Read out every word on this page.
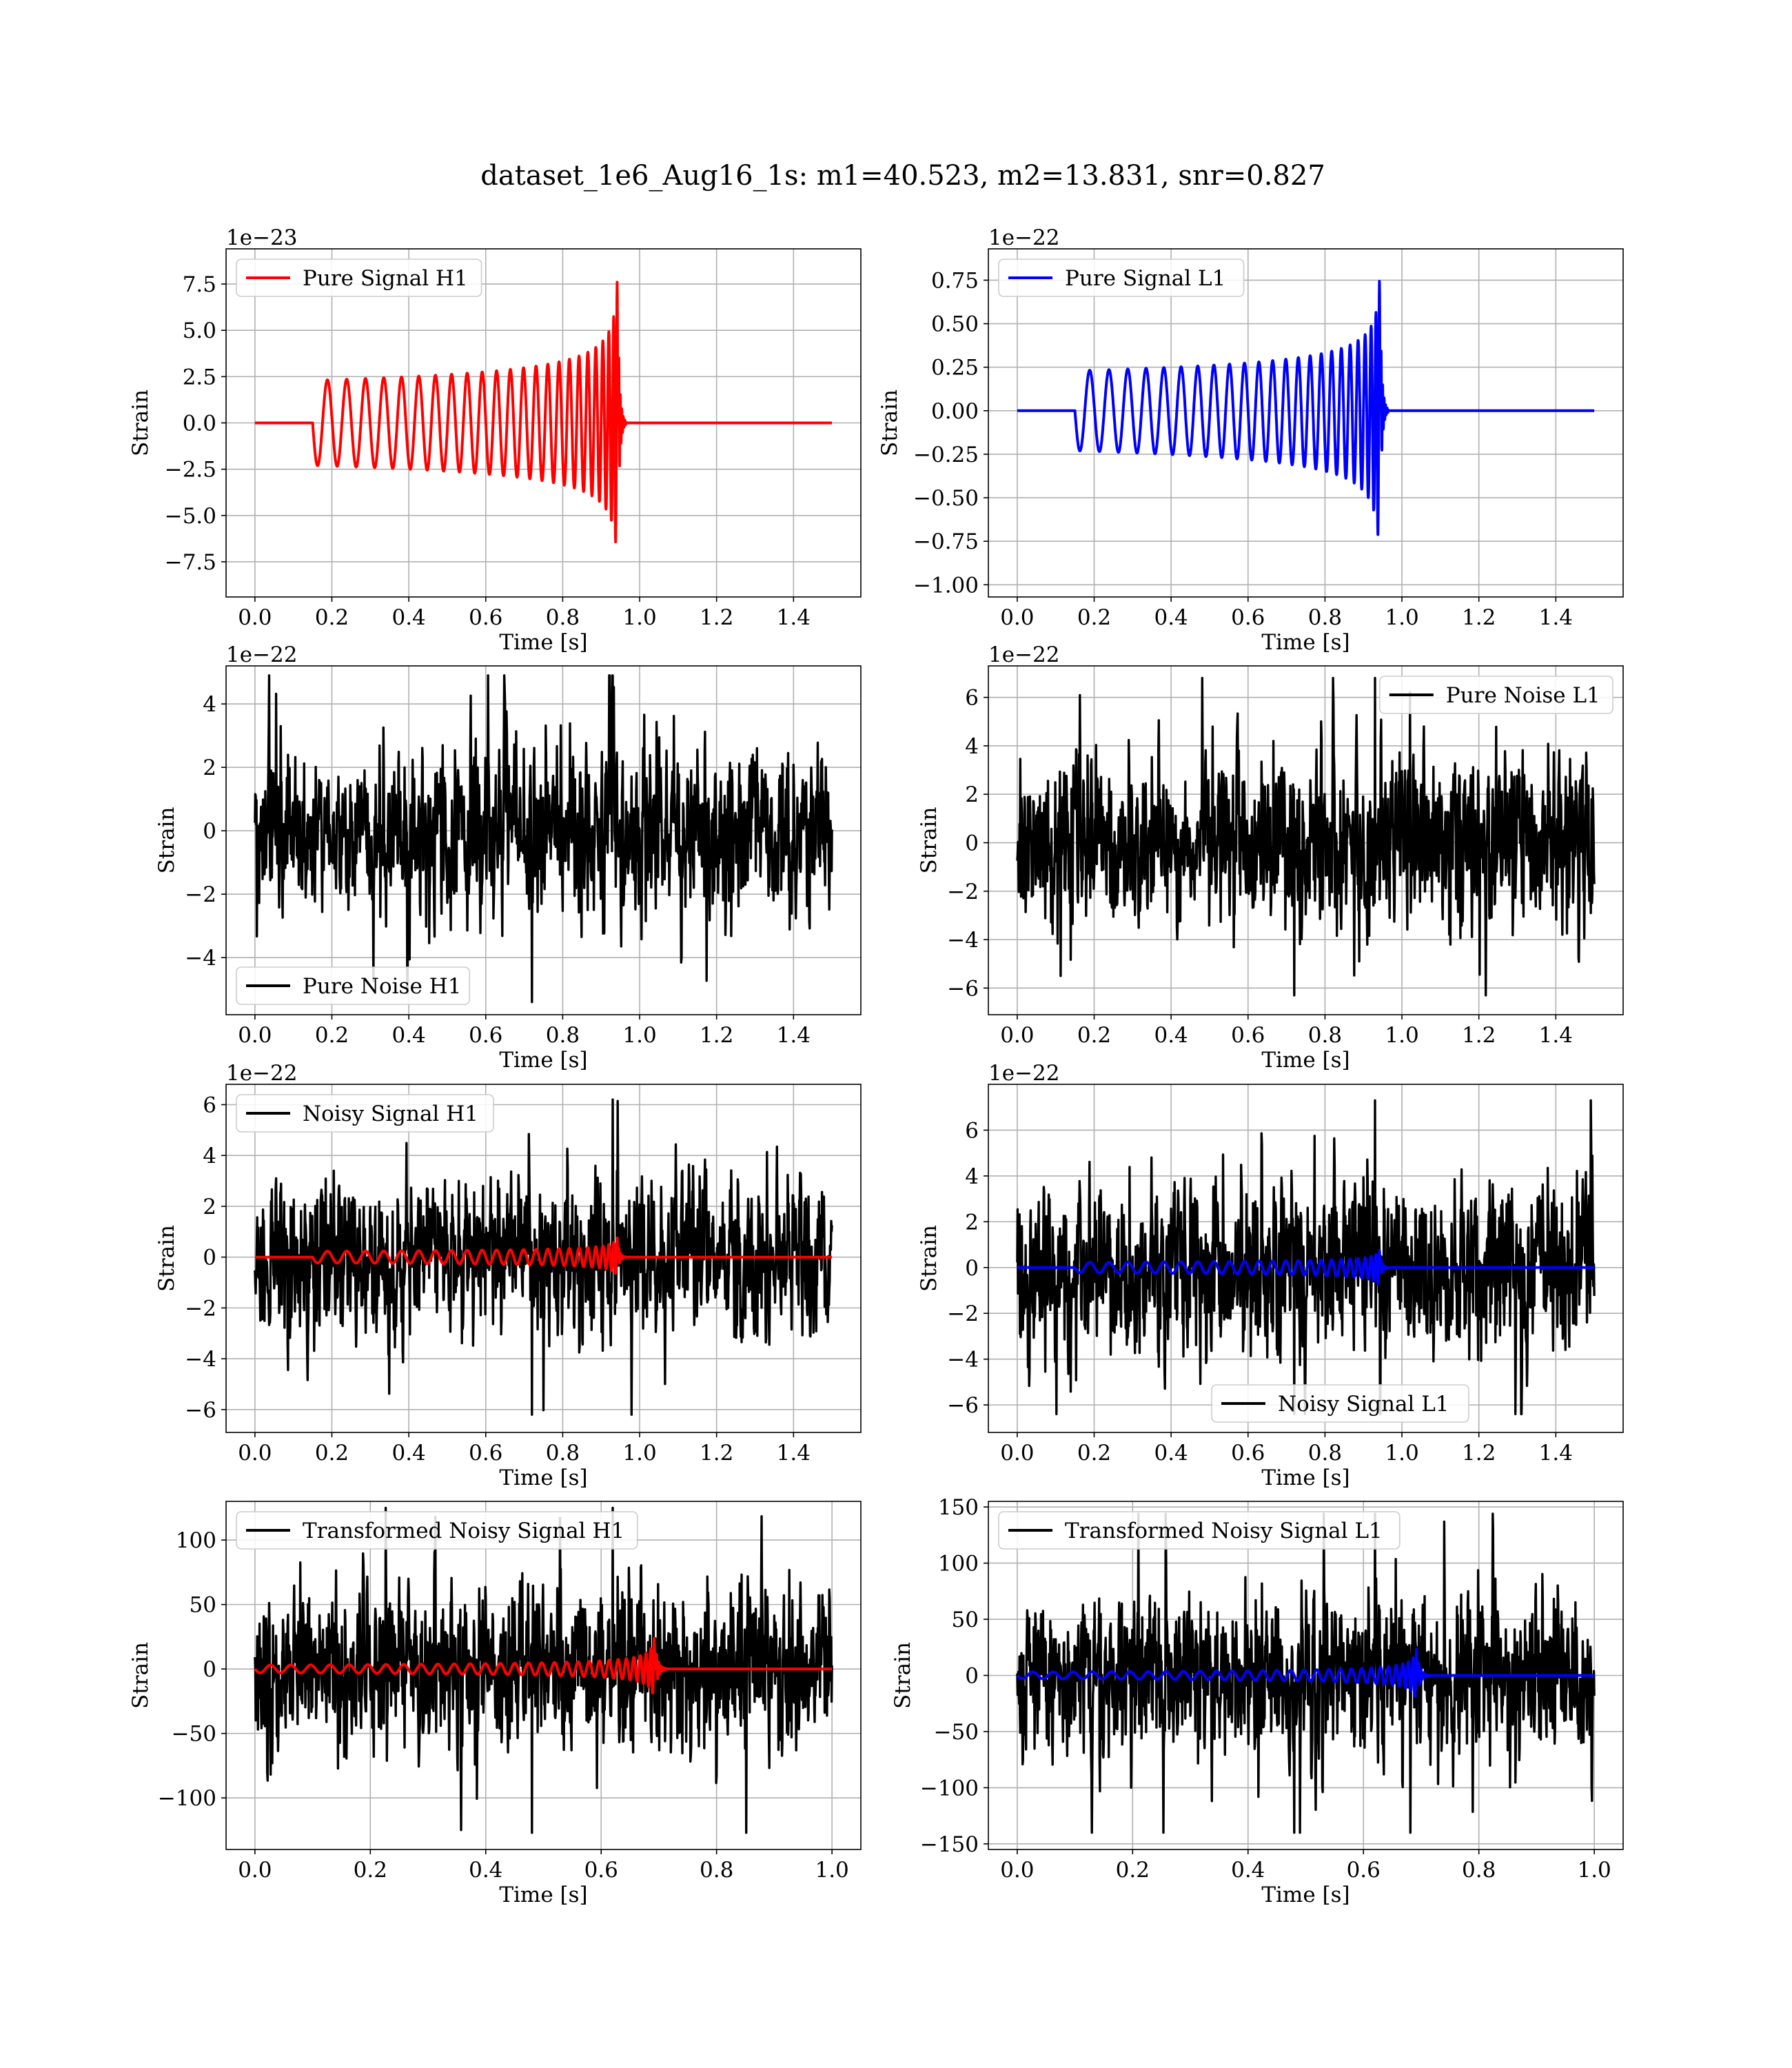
dataset_1e6_Aug16_1s: m1=40.523, m2=13.831, snr=0.827
0.0 0.2 0.4 0.6 0.8 1.0 1.2 1.4
−7.5
−5.0
−2.5
0.0
2.5
5.0
7.5
Time [s]
Strain
1e−23
Pure Signal H1
0.0 0.2 0.4 0.6 0.8 1.0 1.2 1.4
−1.00
−0.75
−0.50
−0.25
0.00
0.25
0.50
0.75
Time [s]
Strain
1e−22
Pure Signal L1
0.0 0.2 0.4 0.6 0.8 1.0 1.2 1.4
−4
−2
0
2
4
Time [s]
Strain
1e−22
Pure Noise H1
0.0 0.2 0.4 0.6 0.8 1.0 1.2 1.4
−6
−4
−2
0
2
4
6
Time [s]
Strain
1e−22
Pure Noise L1
0.0 0.2 0.4 0.6 0.8 1.0 1.2 1.4
−6
−4
−2
0
2
4
6
Time [s]
Strain
1e−22
Noisy Signal H1
0.0 0.2 0.4 0.6 0.8 1.0 1.2 1.4
−6
−4
−2
0
2
4
6
Time [s]
Strain
1e−22
Noisy Signal L1
0.0	0.2	0.4	0.6	0.8	1.0
−100
−50
0
50
100
Time [s]
Strain
Transformed Noisy Signal H1
0.0	0.2	0.4	0.6	0.8	1.0
−150
−100
−50
0
50
100
150
Time [s]
Strain
Transformed Noisy Signal L1
